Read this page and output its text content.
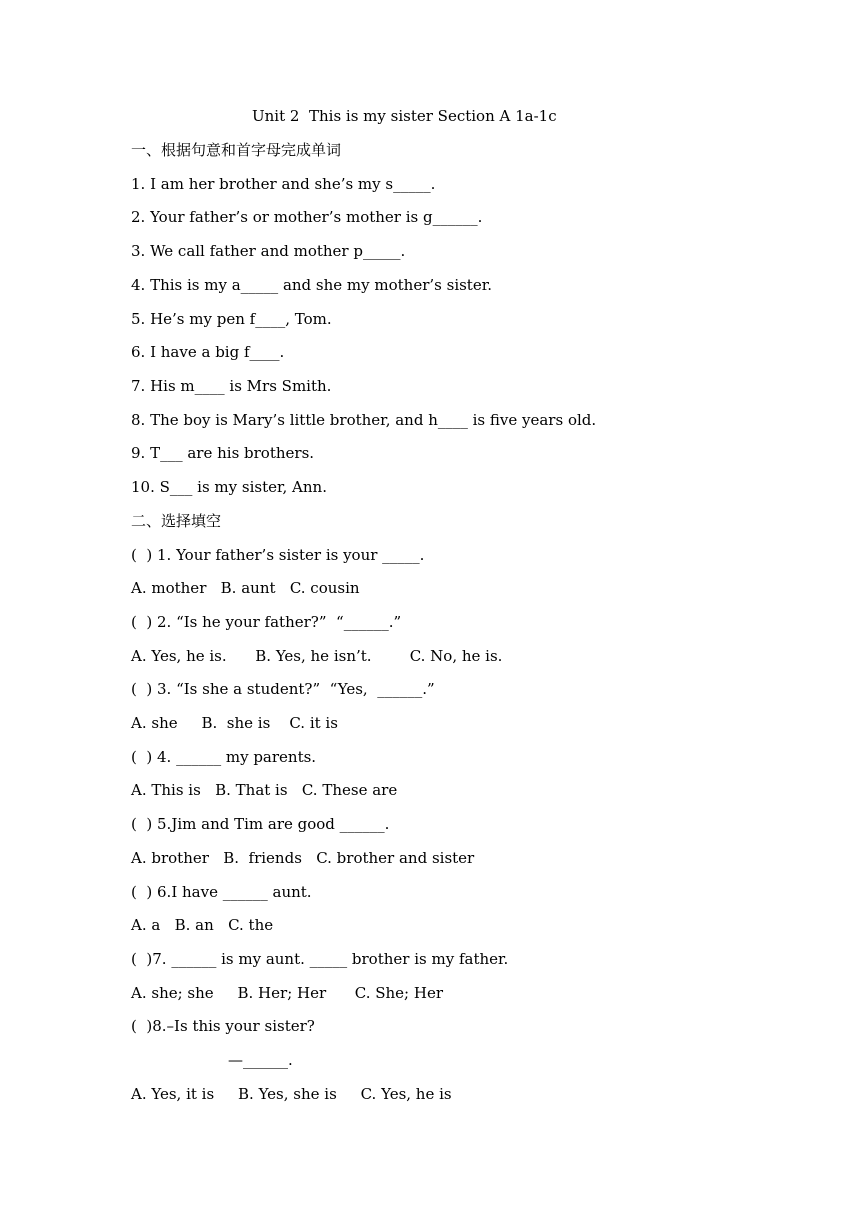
Unit 2  This is my sister Section A 1a-1c
一、根据句意和首字母完成单词
1. I am her brother and she’s my s_____.
2. Your father’s or mother’s mother is g______.
3. We call father and mother p_____.
4. This is my a_____ and she my mother’s sister.
5. He’s my pen f____, Tom.
6. I have a big f____.
7. His m____ is Mrs Smith.
8. The boy is Mary’s little brother, and h____ is five years old.
9. T___ are his brothers.
10. S___ is my sister, Ann.
二、选择填空
(  ) 1. Your father’s sister is your _____.
A. mother   B. aunt   C. cousin
(  ) 2. “Is he your father?”  “______.”
A. Yes, he is.      B. Yes, he isn’t.        C. No, he is.
(  ) 3. “Is she a student?”  “Yes,  ______.”
A. she     B.  she is    C. it is
(  ) 4. ______ my parents.
A. This is   B. That is   C. These are
(  ) 5.Jim and Tim are good ______.
A. brother   B.  friends   C. brother and sister
(  ) 6.I have ______ aunt.
A. a   B. an   C. the
(  )7. ______ is my aunt. _____ brother is my father.
A. she; she     B. Her; Her      C. She; Her
(  )8.–Is this your sister?
—______.
A. Yes, it is     B. Yes, she is     C. Yes, he is
